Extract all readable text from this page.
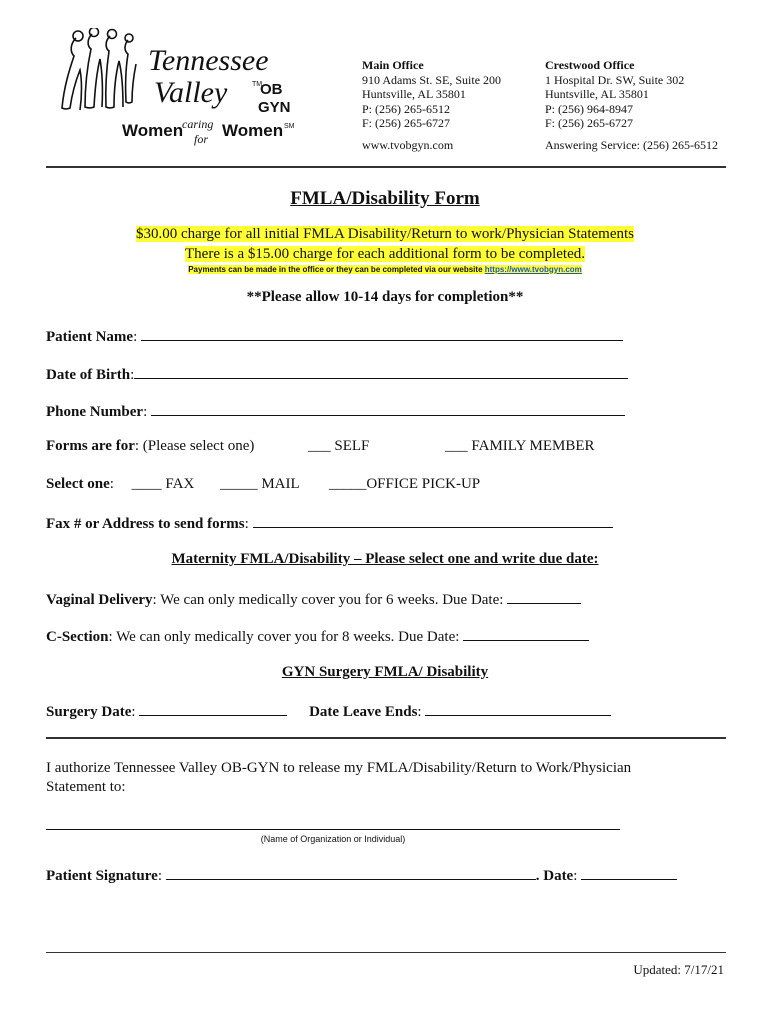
Tennessee
Valley	TM
OB
GYN
Women
caring
for Women SM
Main Office
910 Adams St. SE, Suite 200
Huntsville, AL 35801
P: (256) 265-6512
F: (256) 265-6727
www.tvobgyn.com
Crestwood Office
1 Hospital Dr. SW, Suite 302
Huntsville, AL 35801
P: (256) 964-8947
F: (256) 265-6727
Answering Service: (256) 265-6512
FMLA/Disability Form
$30.00 charge for all initial FMLA Disability/Return to work/Physician Statements
There is a $15.00 charge for each additional form to be completed.
Payments can be made in the office or they can be completed via our website https://www.tvobgyn.com
**Please allow 10-14 days for completion**
Patient Name:
Date of Birth:
Phone Number:
Forms are for: (Please select one)	___ SELF	___ FAMILY MEMBER
Select one: ____ FAX _____ MAIL _____OFFICE PICK-UP
Fax # or Address to send forms:
Maternity FMLA/Disability – Please select one and write due date:
Vaginal Delivery: We can only medically cover you for 6 weeks. Due Date:
C-Section: We can only medically cover you for 8 weeks. Due Date:
GYN Surgery FMLA/ Disability
Surgery Date:	Date Leave Ends:
I authorize Tennessee Valley OB-GYN to release my FMLA/Disability/Return to Work/Physician
Statement to:
(Name of Organization or Individual)
Patient Signature:	. Date:
Updated: 7/17/21
